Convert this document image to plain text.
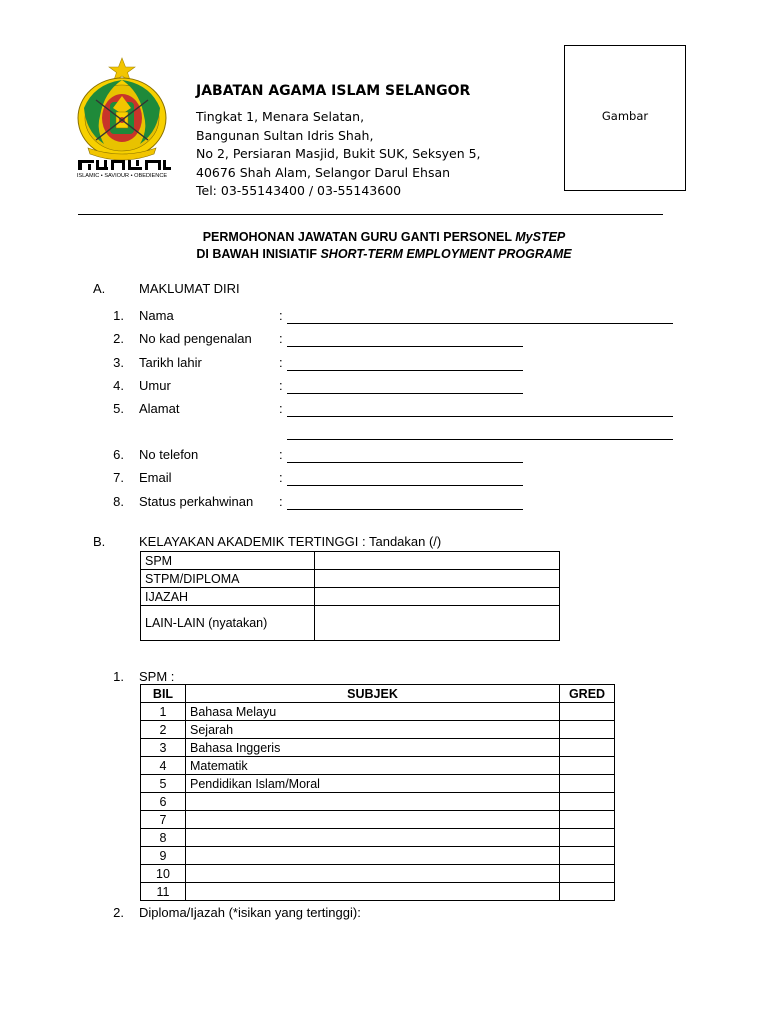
ISLAMIC • SAVIOUR • OBEDIENCE
JABATAN AGAMA ISLAM SELANGOR
Tingkat 1, Menara Selatan,
Bangunan Sultan Idris Shah,
No 2, Persiaran Masjid, Bukit SUK, Seksyen 5,
40676 Shah Alam, Selangor Darul Ehsan
Tel: 03-55143400 / 03-55143600
Gambar
PERMOHONAN JAWATAN GURU GANTI PERSONEL MySTEP
DI BAWAH INISIATIF SHORT-TERM EMPLOYMENT PROGRAME
A.	MAKLUMAT DIRI
1. Nama	:
2. No kad pengenalan :
3. Tarikh lahir	:
4. Umur	:
5. Alamat	:
6. No telefon	:
7. Email	:
8. Status perkahwinan :
B.	KELAYAKAN AKADEMIK TERTINGGI : Tandakan (/)
SPM	
STPM/DIPLOMA	
IJAZAH	
LAIN-LAIN (nyatakan)	
1. SPM :
BIL	SUBJEK	GRED
1	Bahasa Melayu	
2	Sejarah	
3	Bahasa Inggeris	
4	Matematik	
5	Pendidikan Islam/Moral	
6		
7		
8		
9		
10		
11		
2. Diploma/Ijazah (*isikan yang tertinggi):
